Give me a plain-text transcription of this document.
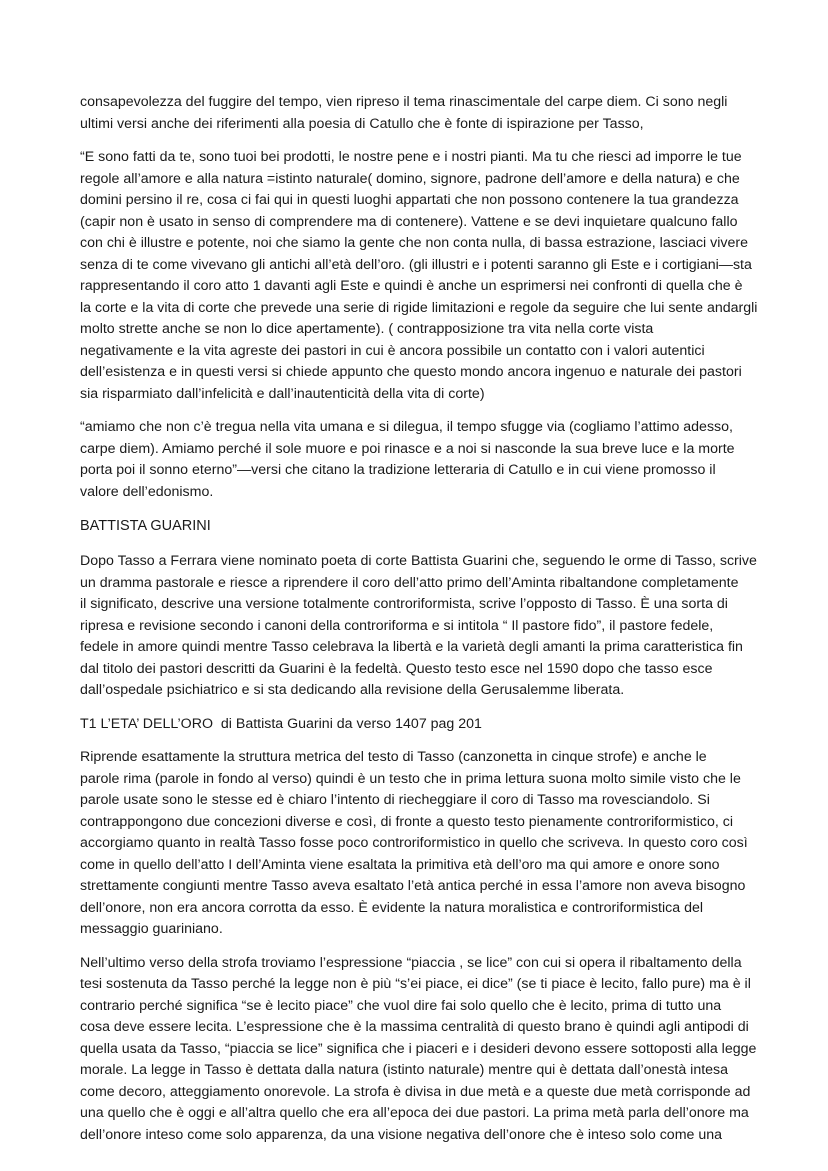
consapevolezza del fuggire del tempo, vien ripreso il tema rinascimentale del carpe diem. Ci sono negli
ultimi versi anche dei riferimenti alla poesia di Catullo che è fonte di ispirazione per Tasso,

“E sono fatti da te, sono tuoi bei prodotti, le nostre pene e i nostri pianti. Ma tu che riesci ad imporre le tue
regole all’amore e alla natura =istinto naturale( domino, signore, padrone dell’amore e della natura) e che
domini persino il re, cosa ci fai qui in questi luoghi appartati che non possono contenere la tua grandezza
(capir non è usato in senso di comprendere ma di contenere). Vattene e se devi inquietare qualcuno fallo
con chi è illustre e potente, noi che siamo la gente che non conta nulla, di bassa estrazione, lasciaci vivere
senza di te come vivevano gli antichi all’età dell’oro. (gli illustri e i potenti saranno gli Este e i cortigiani—sta
rappresentando il coro atto 1 davanti agli Este e quindi è anche un esprimersi nei confronti di quella che è
la corte e la vita di corte che prevede una serie di rigide limitazioni e regole da seguire che lui sente andargli
molto strette anche se non lo dice apertamente). ( contrapposizione tra vita nella corte vista
negativamente e la vita agreste dei pastori in cui è ancora possibile un contatto con i valori autentici
dell’esistenza e in questi versi si chiede appunto che questo mondo ancora ingenuo e naturale dei pastori
sia risparmiato dall’infelicità e dall’inautenticità della vita di corte)

“amiamo che non c’è tregua nella vita umana e si dilegua, il tempo sfugge via (cogliamo l’attimo adesso,
carpe diem). Amiamo perché il sole muore e poi rinasce e a noi si nasconde la sua breve luce e la morte
porta poi il sonno eterno”—versi che citano la tradizione letteraria di Catullo e in cui viene promosso il
valore dell’edonismo.

BATTISTA GUARINI

Dopo Tasso a Ferrara viene nominato poeta di corte Battista Guarini che, seguendo le orme di Tasso, scrive
un dramma pastorale e riesce a riprendere il coro dell’atto primo dell’Aminta ribaltandone completamente
il significato, descrive una versione totalmente controriformista, scrive l’opposto di Tasso. È una sorta di
ripresa e revisione secondo i canoni della controriforma e si intitola “ Il pastore fido”, il pastore fedele,
fedele in amore quindi mentre Tasso celebrava la libertà e la varietà degli amanti la prima caratteristica fin
dal titolo dei pastori descritti da Guarini è la fedeltà. Questo testo esce nel 1590 dopo che tasso esce
dall’ospedale psichiatrico e si sta dedicando alla revisione della Gerusalemme liberata.

T1 L’ETA’ DELL’ORO  di Battista Guarini da verso 1407 pag 201

Riprende esattamente la struttura metrica del testo di Tasso (canzonetta in cinque strofe) e anche le
parole rima (parole in fondo al verso) quindi è un testo che in prima lettura suona molto simile visto che le
parole usate sono le stesse ed è chiaro l’intento di riecheggiare il coro di Tasso ma rovesciandolo. Si
contrappongono due concezioni diverse e così, di fronte a questo testo pienamente controriformistico, ci
accorgiamo quanto in realtà Tasso fosse poco controriformistico in quello che scriveva. In questo coro così
come in quello dell’atto I dell’Aminta viene esaltata la primitiva età dell’oro ma qui amore e onore sono
strettamente congiunti mentre Tasso aveva esaltato l’età antica perché in essa l’amore non aveva bisogno
dell’onore, non era ancora corrotta da esso. È evidente la natura moralistica e controriformistica del
messaggio guariniano.

Nell’ultimo verso della strofa troviamo l’espressione “piaccia , se lice” con cui si opera il ribaltamento della
tesi sostenuta da Tasso perché la legge non è più “s’ei piace, ei dice” (se ti piace è lecito, fallo pure) ma è il
contrario perché significa “se è lecito piace” che vuol dire fai solo quello che è lecito, prima di tutto una
cosa deve essere lecita. L’espressione che è la massima centralità di questo brano è quindi agli antipodi di
quella usata da Tasso, “piaccia se lice” significa che i piaceri e i desideri devono essere sottoposti alla legge
morale. La legge in Tasso è dettata dalla natura (istinto naturale) mentre qui è dettata dall’onestà intesa
come decoro, atteggiamento onorevole. La strofa è divisa in due metà e a queste due metà corrisponde ad
una quello che è oggi e all’altra quello che era all’epoca dei due pastori. La prima metà parla dell’onore ma
dell’onore inteso come solo apparenza, da una visione negativa dell’onore che è inteso solo come una
